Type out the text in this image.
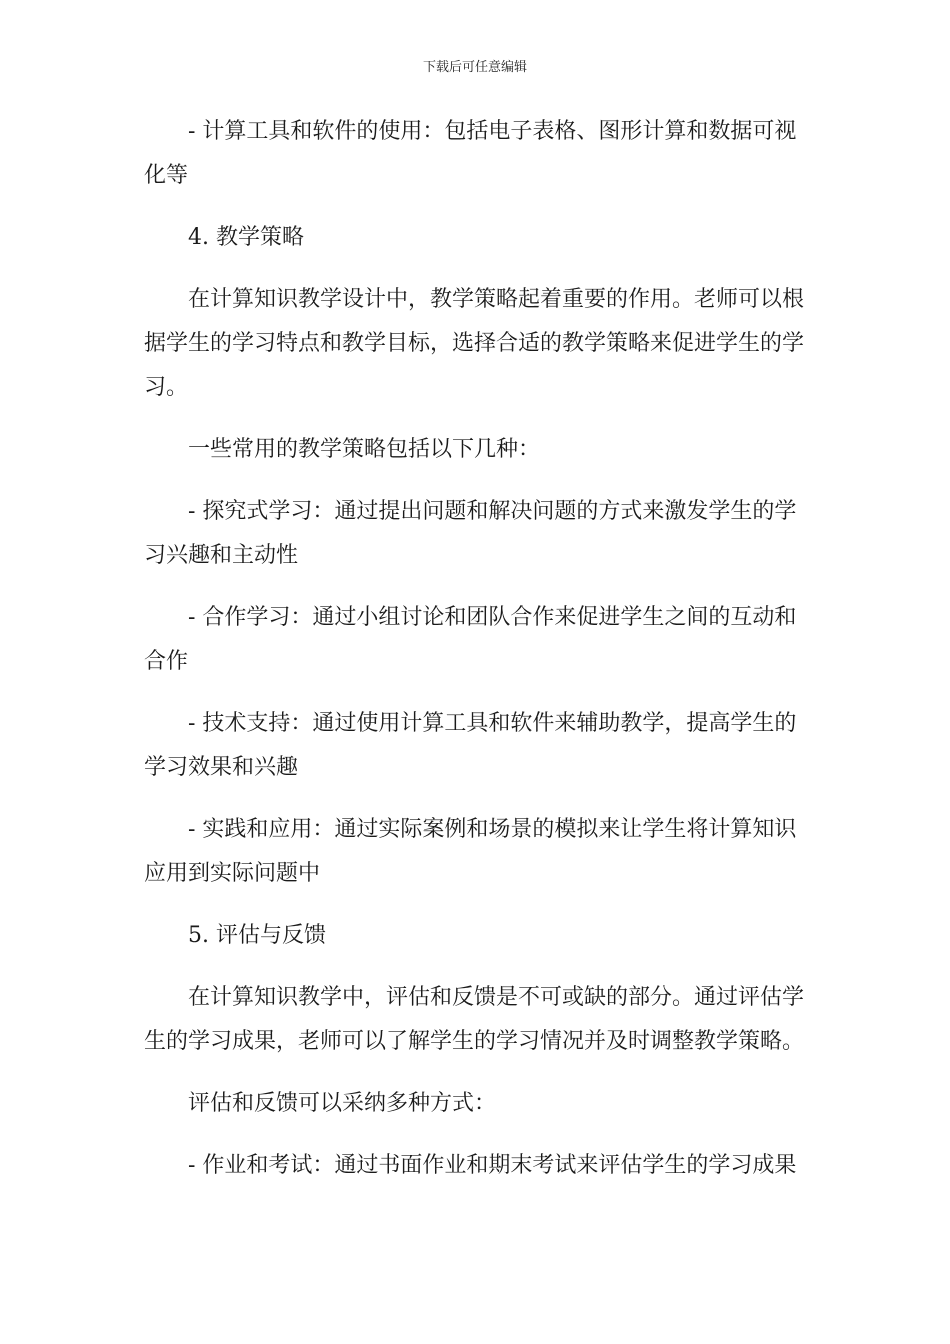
下载后可任意编辑

- 计算工具和软件的使用：包括电子表格、图形计算和数据可视化等

4. 教学策略

在计算知识教学设计中，教学策略起着重要的作用。老师可以根据学生的学习特点和教学目标，选择合适的教学策略来促进学生的学习。

一些常用的教学策略包括以下几种：

- 探究式学习：通过提出问题和解决问题的方式来激发学生的学习兴趣和主动性

- 合作学习：通过小组讨论和团队合作来促进学生之间的互动和合作

- 技术支持：通过使用计算工具和软件来辅助教学，提高学生的学习效果和兴趣

- 实践和应用：通过实际案例和场景的模拟来让学生将计算知识应用到实际问题中

5. 评估与反馈

在计算知识教学中，评估和反馈是不可或缺的部分。通过评估学生的学习成果，老师可以了解学生的学习情况并及时调整教学策略。

评估和反馈可以采纳多种方式：

- 作业和考试：通过书面作业和期末考试来评估学生的学习成果
